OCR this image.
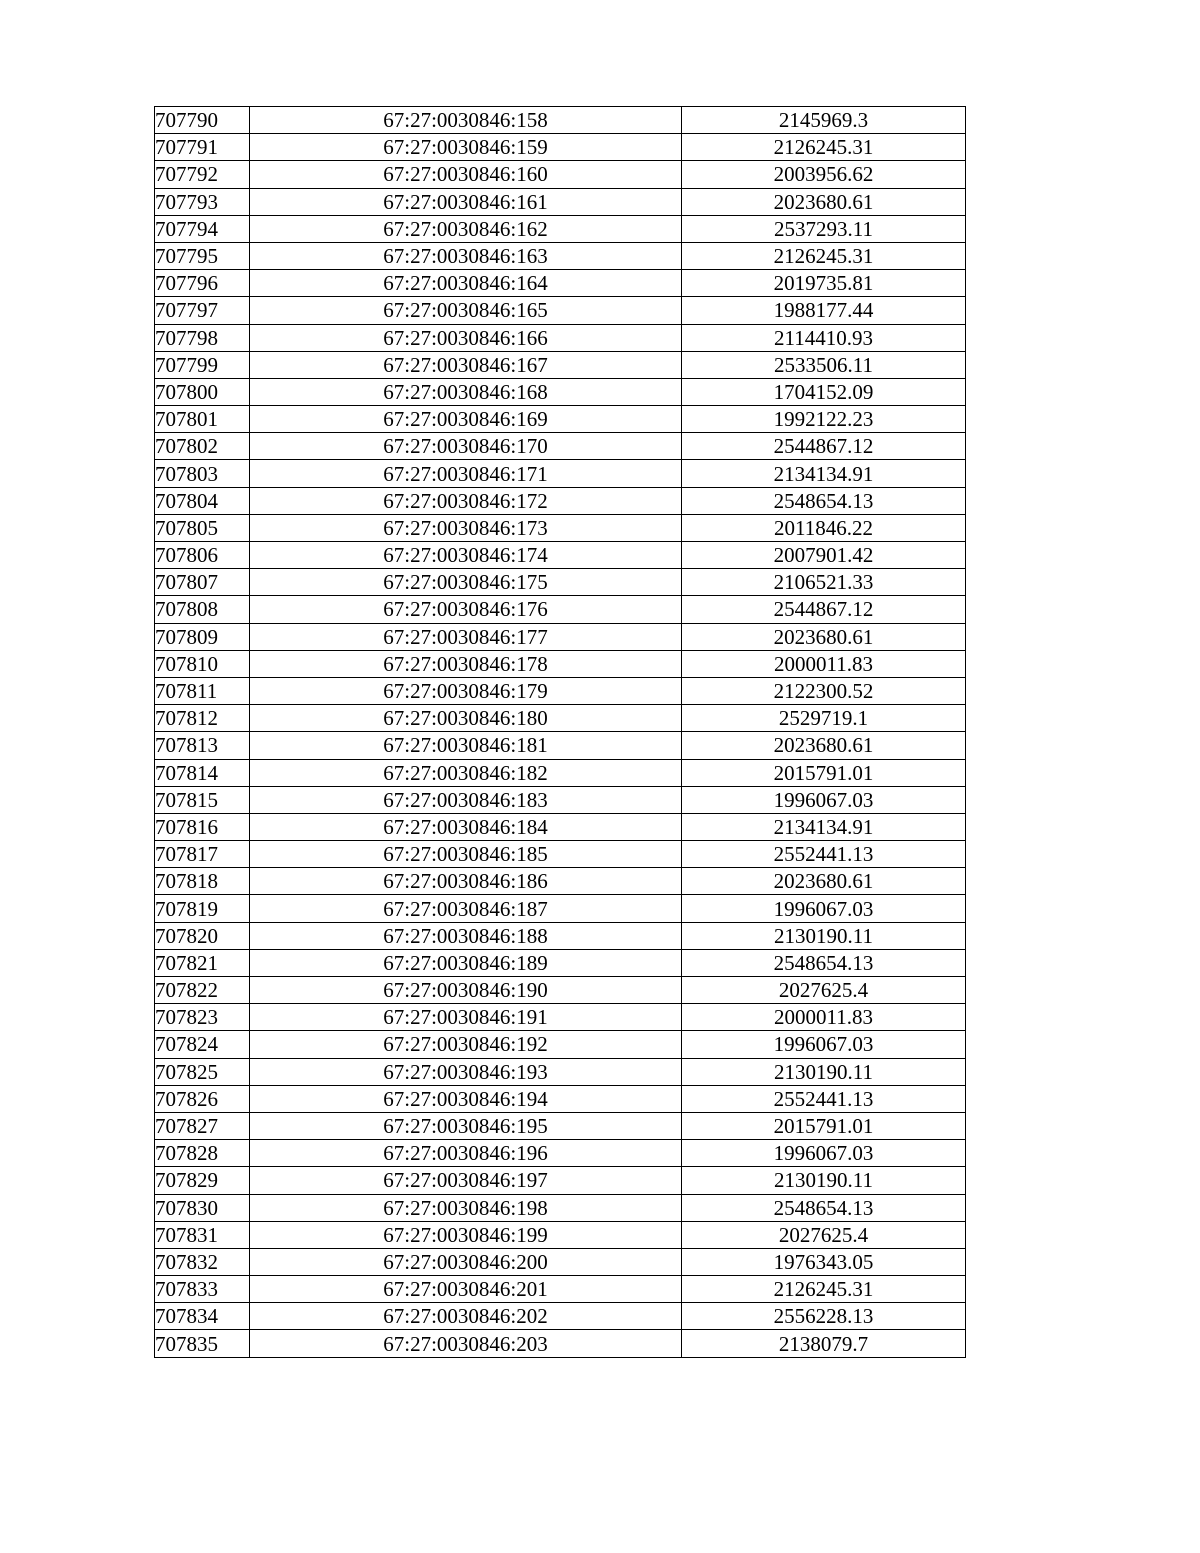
707790	67:27:0030846:158	2145969.3
707791	67:27:0030846:159	2126245.31
707792	67:27:0030846:160	2003956.62
707793	67:27:0030846:161	2023680.61
707794	67:27:0030846:162	2537293.11
707795	67:27:0030846:163	2126245.31
707796	67:27:0030846:164	2019735.81
707797	67:27:0030846:165	1988177.44
707798	67:27:0030846:166	2114410.93
707799	67:27:0030846:167	2533506.11
707800	67:27:0030846:168	1704152.09
707801	67:27:0030846:169	1992122.23
707802	67:27:0030846:170	2544867.12
707803	67:27:0030846:171	2134134.91
707804	67:27:0030846:172	2548654.13
707805	67:27:0030846:173	2011846.22
707806	67:27:0030846:174	2007901.42
707807	67:27:0030846:175	2106521.33
707808	67:27:0030846:176	2544867.12
707809	67:27:0030846:177	2023680.61
707810	67:27:0030846:178	2000011.83
707811	67:27:0030846:179	2122300.52
707812	67:27:0030846:180	2529719.1
707813	67:27:0030846:181	2023680.61
707814	67:27:0030846:182	2015791.01
707815	67:27:0030846:183	1996067.03
707816	67:27:0030846:184	2134134.91
707817	67:27:0030846:185	2552441.13
707818	67:27:0030846:186	2023680.61
707819	67:27:0030846:187	1996067.03
707820	67:27:0030846:188	2130190.11
707821	67:27:0030846:189	2548654.13
707822	67:27:0030846:190	2027625.4
707823	67:27:0030846:191	2000011.83
707824	67:27:0030846:192	1996067.03
707825	67:27:0030846:193	2130190.11
707826	67:27:0030846:194	2552441.13
707827	67:27:0030846:195	2015791.01
707828	67:27:0030846:196	1996067.03
707829	67:27:0030846:197	2130190.11
707830	67:27:0030846:198	2548654.13
707831	67:27:0030846:199	2027625.4
707832	67:27:0030846:200	1976343.05
707833	67:27:0030846:201	2126245.31
707834	67:27:0030846:202	2556228.13
707835	67:27:0030846:203	2138079.7
